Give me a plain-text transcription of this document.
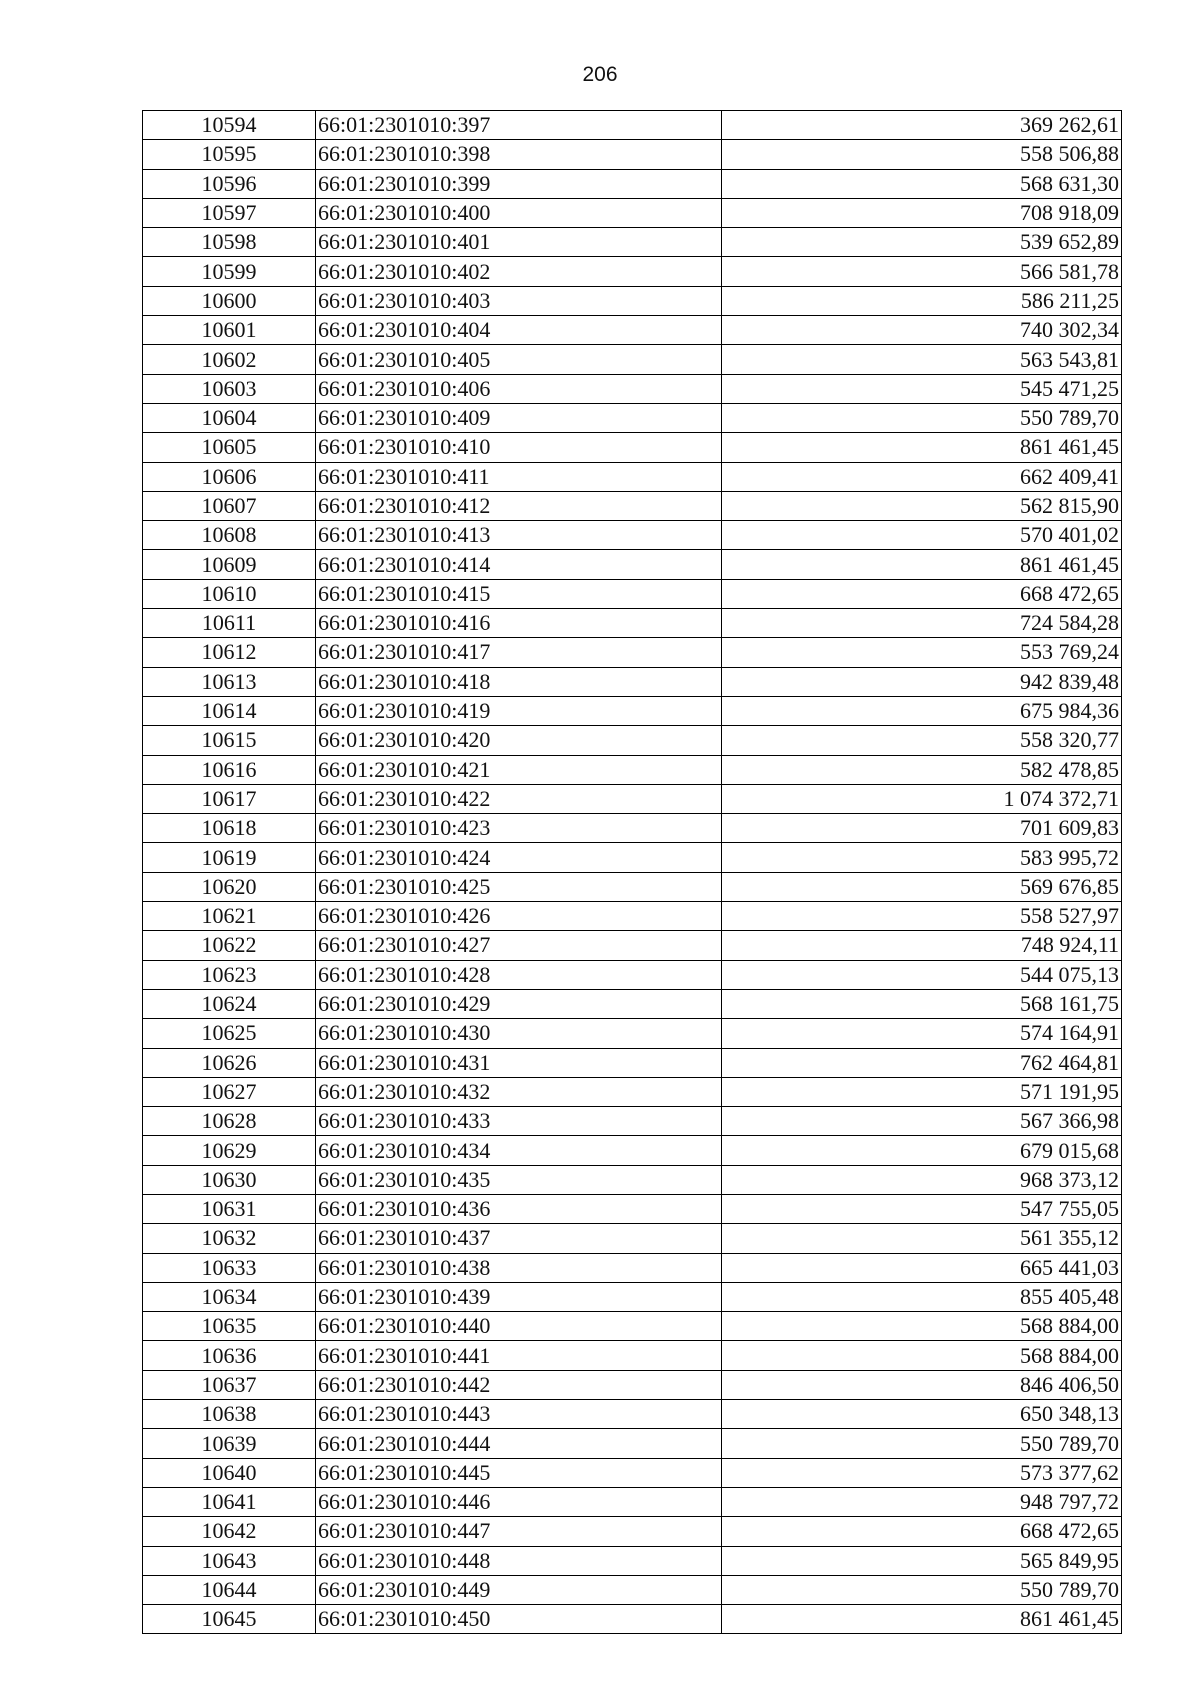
206
10594	66:01:2301010:397	369 262,61
10595	66:01:2301010:398	558 506,88
10596	66:01:2301010:399	568 631,30
10597	66:01:2301010:400	708 918,09
10598	66:01:2301010:401	539 652,89
10599	66:01:2301010:402	566 581,78
10600	66:01:2301010:403	586 211,25
10601	66:01:2301010:404	740 302,34
10602	66:01:2301010:405	563 543,81
10603	66:01:2301010:406	545 471,25
10604	66:01:2301010:409	550 789,70
10605	66:01:2301010:410	861 461,45
10606	66:01:2301010:411	662 409,41
10607	66:01:2301010:412	562 815,90
10608	66:01:2301010:413	570 401,02
10609	66:01:2301010:414	861 461,45
10610	66:01:2301010:415	668 472,65
10611	66:01:2301010:416	724 584,28
10612	66:01:2301010:417	553 769,24
10613	66:01:2301010:418	942 839,48
10614	66:01:2301010:419	675 984,36
10615	66:01:2301010:420	558 320,77
10616	66:01:2301010:421	582 478,85
10617	66:01:2301010:422	1 074 372,71
10618	66:01:2301010:423	701 609,83
10619	66:01:2301010:424	583 995,72
10620	66:01:2301010:425	569 676,85
10621	66:01:2301010:426	558 527,97
10622	66:01:2301010:427	748 924,11
10623	66:01:2301010:428	544 075,13
10624	66:01:2301010:429	568 161,75
10625	66:01:2301010:430	574 164,91
10626	66:01:2301010:431	762 464,81
10627	66:01:2301010:432	571 191,95
10628	66:01:2301010:433	567 366,98
10629	66:01:2301010:434	679 015,68
10630	66:01:2301010:435	968 373,12
10631	66:01:2301010:436	547 755,05
10632	66:01:2301010:437	561 355,12
10633	66:01:2301010:438	665 441,03
10634	66:01:2301010:439	855 405,48
10635	66:01:2301010:440	568 884,00
10636	66:01:2301010:441	568 884,00
10637	66:01:2301010:442	846 406,50
10638	66:01:2301010:443	650 348,13
10639	66:01:2301010:444	550 789,70
10640	66:01:2301010:445	573 377,62
10641	66:01:2301010:446	948 797,72
10642	66:01:2301010:447	668 472,65
10643	66:01:2301010:448	565 849,95
10644	66:01:2301010:449	550 789,70
10645	66:01:2301010:450	861 461,45
